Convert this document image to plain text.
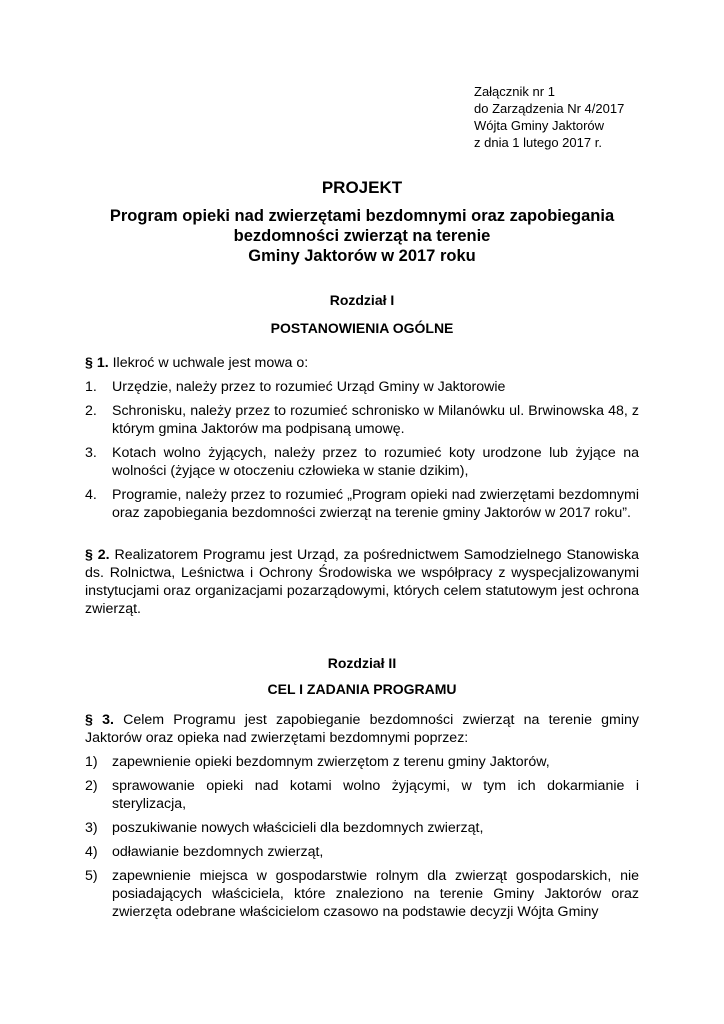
Załącznik nr 1
do Zarządzenia Nr 4/2017
Wójta Gminy Jaktorów
z dnia 1 lutego 2017 r.
PROJEKT
Program opieki nad zwierzętami bezdomnymi oraz zapobiegania
bezdomności zwierząt na terenie
Gminy Jaktorów w 2017 roku
Rozdział I
POSTANOWIENIA OGÓLNE
§ 1. Ilekroć w uchwale jest mowa o:
1. Urzędzie, należy przez to rozumieć Urząd Gminy w Jaktorowie
2. Schronisku, należy przez to rozumieć schronisko w Milanówku ul. Brwinowska 48, z którym gmina Jaktorów ma podpisaną umowę.
3. Kotach wolno żyjących, należy przez to rozumieć koty urodzone lub żyjące na wolności (żyjące w otoczeniu człowieka w stanie dzikim),
4. Programie, należy przez to rozumieć „Program opieki nad zwierzętami bezdomnymi oraz zapobiegania bezdomności zwierząt na terenie gminy Jaktorów w 2017 roku”.
§ 2. Realizatorem Programu jest Urząd, za pośrednictwem Samodzielnego Stanowiska ds. Rolnictwa, Leśnictwa i Ochrony Środowiska we współpracy z wyspecjalizowanymi instytucjami oraz organizacjami pozarządowymi, których celem statutowym jest ochrona zwierząt.
Rozdział II
CEL I ZADANIA PROGRAMU
§ 3. Celem Programu jest zapobieganie bezdomności zwierząt na terenie gminy Jaktorów oraz opieka nad zwierzętami bezdomnymi poprzez:
1) zapewnienie opieki bezdomnym zwierzętom z terenu gminy Jaktorów,
2) sprawowanie opieki nad kotami wolno żyjącymi, w tym ich dokarmianie i sterylizacja,
3) poszukiwanie nowych właścicieli dla bezdomnych zwierząt,
4) odławianie bezdomnych zwierząt,
5) zapewnienie miejsca w gospodarstwie rolnym dla zwierząt gospodarskich, nie posiadających właściciela, które znaleziono na terenie Gminy Jaktorów oraz zwierzęta odebrane właścicielom czasowo na podstawie decyzji Wójta Gminy
